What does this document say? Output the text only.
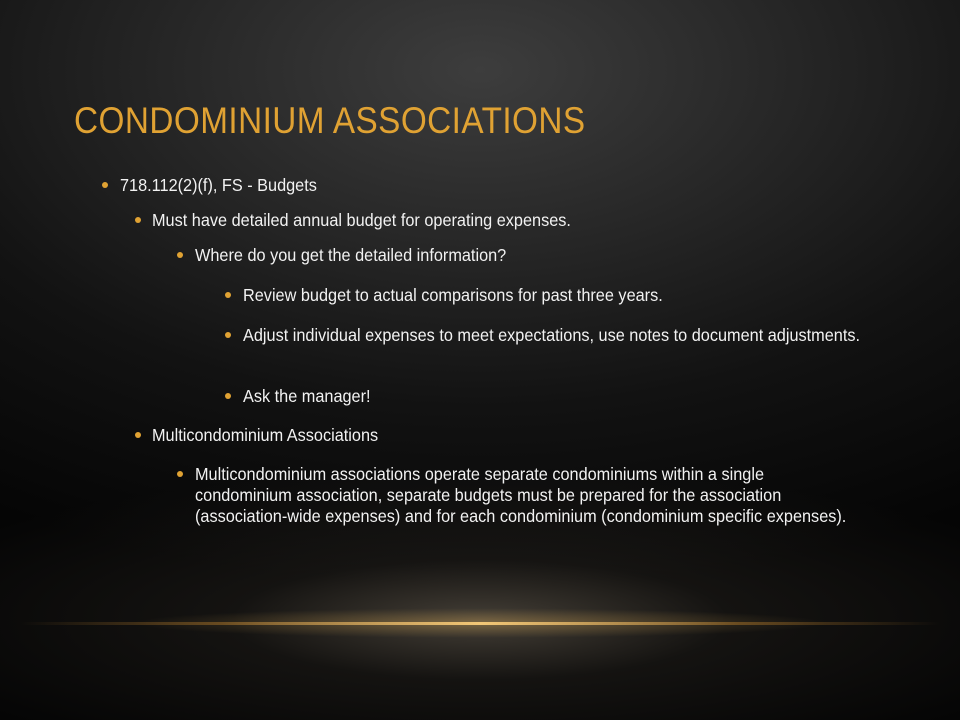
CONDOMINIUM ASSOCIATIONS
718.112(2)(f), FS - Budgets
Must have detailed annual budget for operating expenses.
Where do you get the detailed information?
Review budget to actual comparisons for past three years.
Adjust individual expenses to meet expectations, use notes to document adjustments.
Ask the manager!
Multicondominium Associations
Multicondominium associations operate separate condominiums within a single condominium association, separate budgets must be prepared for the association (association-wide expenses) and for each condominium (condominium specific expenses).
